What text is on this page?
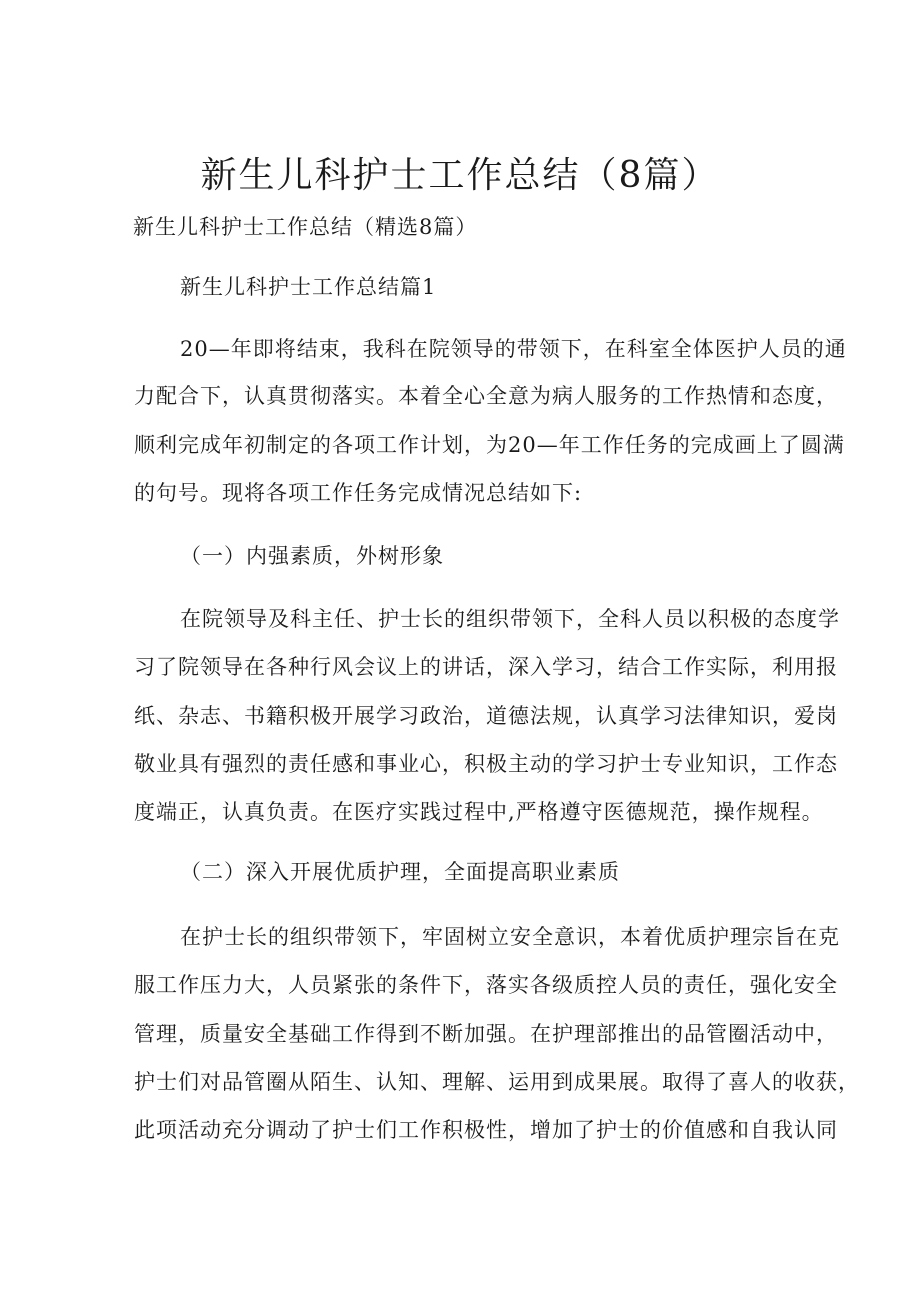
新生儿科护士工作总结（8篇）
新生儿科护士工作总结（精选8篇）
新生儿科护士工作总结篇1
20—年即将结束，我科在院领导的带领下，在科室全体医护人员的通
力配合下，认真贯彻落实。本着全心全意为病人服务的工作热情和态度，
顺利完成年初制定的各项工作计划，为20—年工作任务的完成画上了圆满
的句号。现将各项工作任务完成情况总结如下:
（一）内强素质，外树形象
在院领导及科主任、护士长的组织带领下，全科人员以积极的态度学
习了院领导在各种行风会议上的讲话，深入学习，结合工作实际，利用报
纸、杂志、书籍积极开展学习政治，道德法规，认真学习法律知识，爱岗
敬业具有强烈的责任感和事业心，积极主动的学习护士专业知识，工作态
度端正，认真负责。在医疗实践过程中,严格遵守医德规范，操作规程。
（二）深入开展优质护理，全面提高职业素质
在护士长的组织带领下，牢固树立安全意识，本着优质护理宗旨在克
服工作压力大，人员紧张的条件下，落实各级质控人员的责任，强化安全
管理，质量安全基础工作得到不断加强。在护理部推出的品管圈活动中，
护士们对品管圈从陌生、认知、理解、运用到成果展。取得了喜人的收获，
此项活动充分调动了护士们工作积极性，增加了护士的价值感和自我认同
